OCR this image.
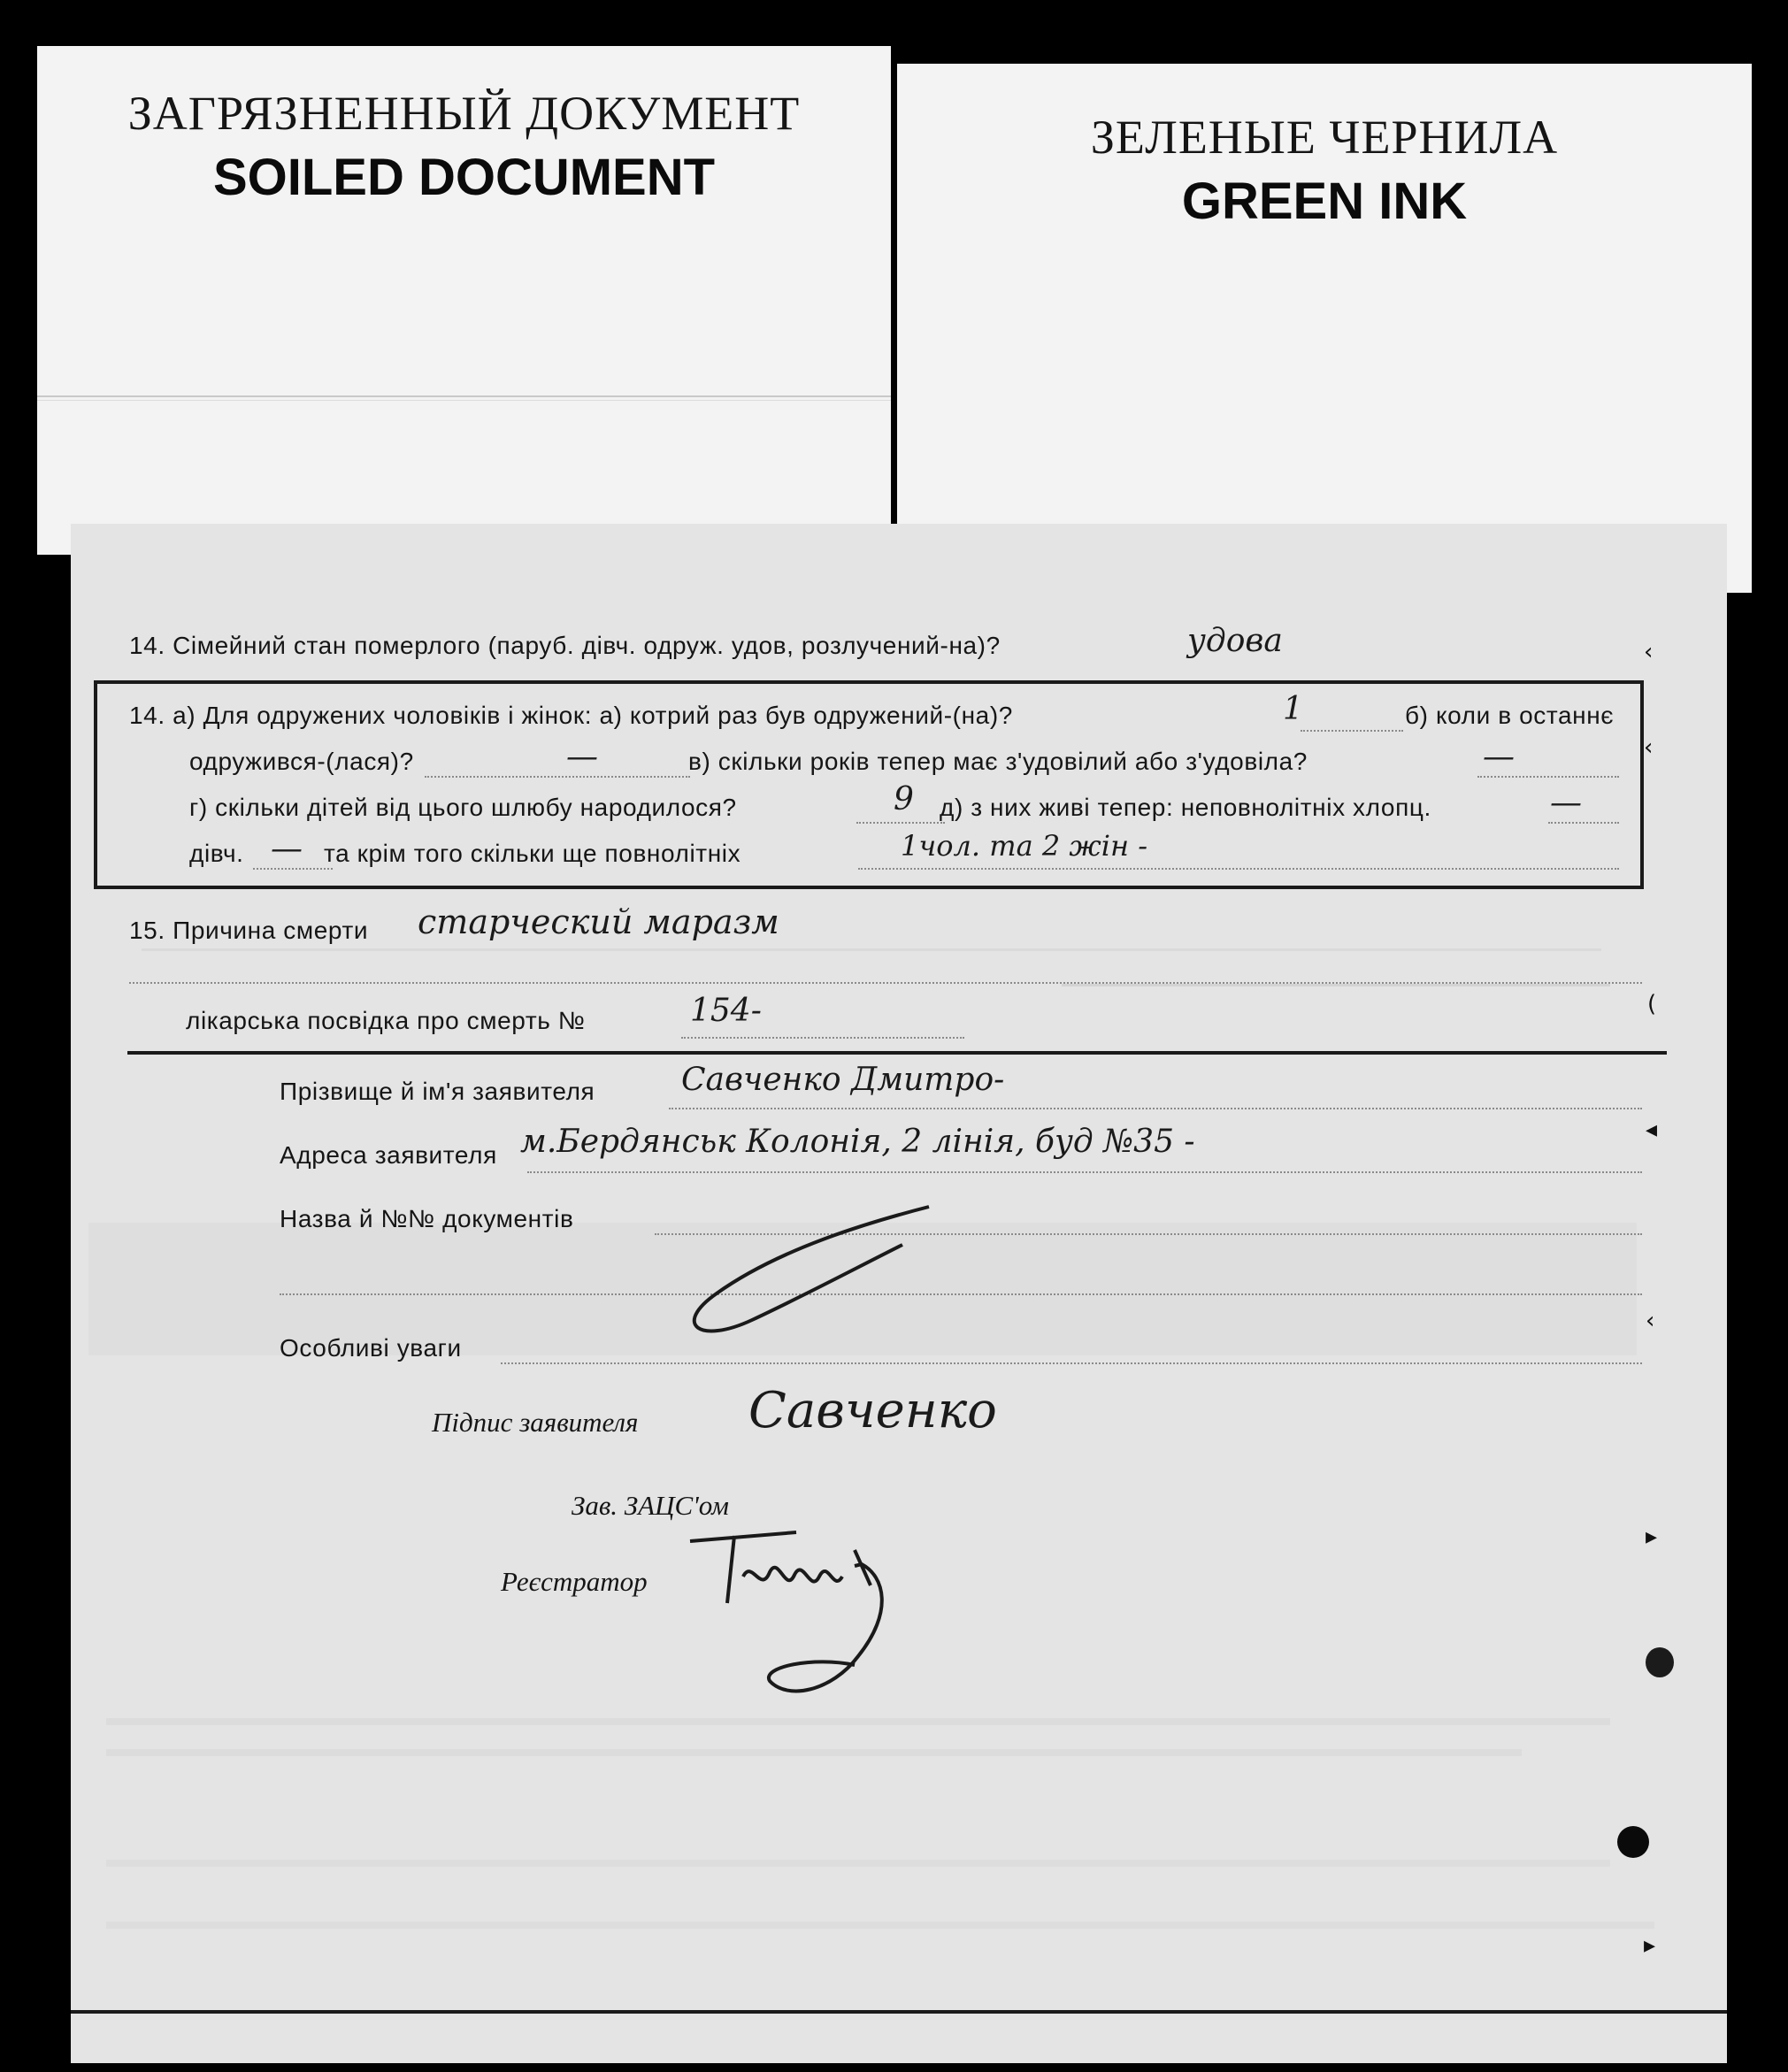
ЗАГРЯЗНЕННЫЙ ДОКУМЕНТ
SOILED DOCUMENT
ЗЕЛЕНЫЕ ЧЕРНИЛА
GREEN INK
14. Сімейний стан померлого (паруб. дівч. одруж. удов, розлучений-на)?	удова
14. а) Для одружених чоловіків і жінок: а) котрий раз був одружений-(на)?	1	б) коли в останнє
одружився-(лася)?	—	в) скільки років тепер має з'удовілий або з'удовіла?	—
г) скільки дітей від цього шлюбу народилося?	9 д) з них живі тепер: неповнолітніх хлопц.	—
дівч. — та крім того скільки ще повнолітніх	1чол. та 2 жін -
15. Причина смерти старческий маразм
лікарська посвідка про смерть №	154-
Прізвище й ім'я заявителя	Савченко Дмитро-
Адреса заявителя м.Бердянськ Колонія, 2 лінія, буд №35 -
Назва й №№ документів
Особливі уваги
Підпис заявителя Савченко
Зав. ЗАЦС'ом
Реєстратор
‹
‹
(
◂
‹
▸
▸
